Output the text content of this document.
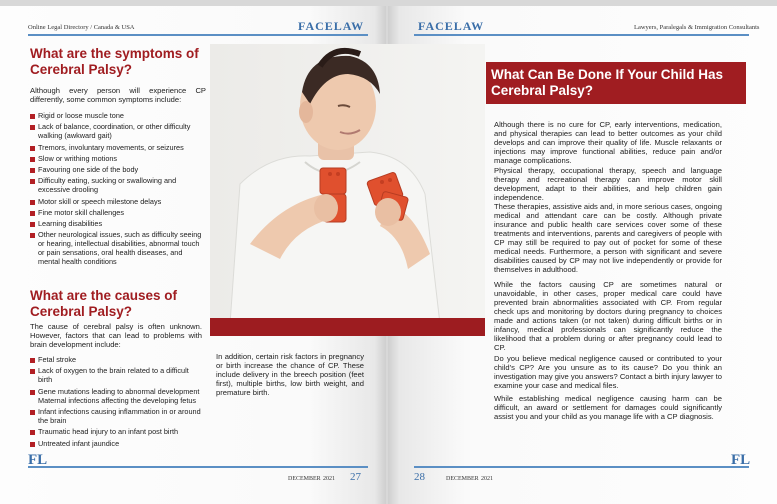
Online Legal Directory / Canada & USA	FACELAW
What are the symptoms of Cerebral Palsy?

Although every person will experience CP differently, some common symptoms include:

Rigid or loose muscle tone
Lack of balance, coordination, or other difficulty walking (awkward gait)
Tremors, involuntary movements, or seizures
Slow or writhing motions
Favouring one side of the body
Difficulty eating, sucking or swallowing and excessive drooling
Motor skill or speech milestone delays
Fine motor skill challenges
Learning disabilities
Other neurological issues, such as difficulty seeing or hearing, intellectual disabilities, abnormal touch or pain sensations, oral health diseases, and mental health conditions
What are the causes of Cerebral Palsy?

The cause of cerebral palsy is often unknown. However, factors that can lead to problems with brain development include:

Fetal stroke
Lack of oxygen to the brain related to a difficult birth
Gene mutations leading to abnormal development
Maternal infections affecting the developing fetus
Infant infections causing inflammation in or around the brain
Traumatic head injury to an infant post birth
Untreated infant jaundice

In addition, certain risk factors in pregnancy or birth increase the chance of CP. These include delivery in the breech position (feet first), multiple births, low birth weight, and premature birth.

FL
DECEMBER 2021 27
FACELAW	Lawyers, Paralegals & Immigration Consultants

Although there is no cure for CP, early interventions, medication, and physical therapies can lead to better outcomes as your child develops and can improve their quality of life. Muscle relaxants or injections may improve functional abilities, reduce pain and/or manage complications.

Physical therapy, occupational therapy, speech and language therapy and recreational therapy can improve motor skill development, adapt to their abilities, and help children gain independence.

These therapies, assistive aids and, in more serious cases, ongoing medical and attendant care can be costly. Although private insurance and public health care services cover some of these treatments and interventions, parents and caregivers of people with CP may still be required to pay out of pocket for some of these medical needs. Furthermore, a person with significant and severe disabilities caused by CP may not live independently or provide for themselves in adulthood.

While the factors causing CP are sometimes natural or unavoidable, in other cases, proper medical care could have prevented brain abnormalities associated with CP. From regular check ups and monitoring by doctors during pregnancy to choices made and actions taken (or not taken) during difficult births or in infancy, medical professionals can significantly reduce the likelihood that a problem during or after pregnancy could lead to CP.

Do you believe medical negligence caused or contributed to your child's CP? Are you unsure as to its cause? Do you think an investigation may give you answers? Contact a birth injury lawyer to examine your case and medical files.

While establishing medical negligence causing harm can be difficult, an award or settlement for damages could significantly assist you and your child as you manage life with a CP diagnosis.

28	DECEMBER 2021
FL
What Can Be Done If Your Child Has Cerebral Palsy?
